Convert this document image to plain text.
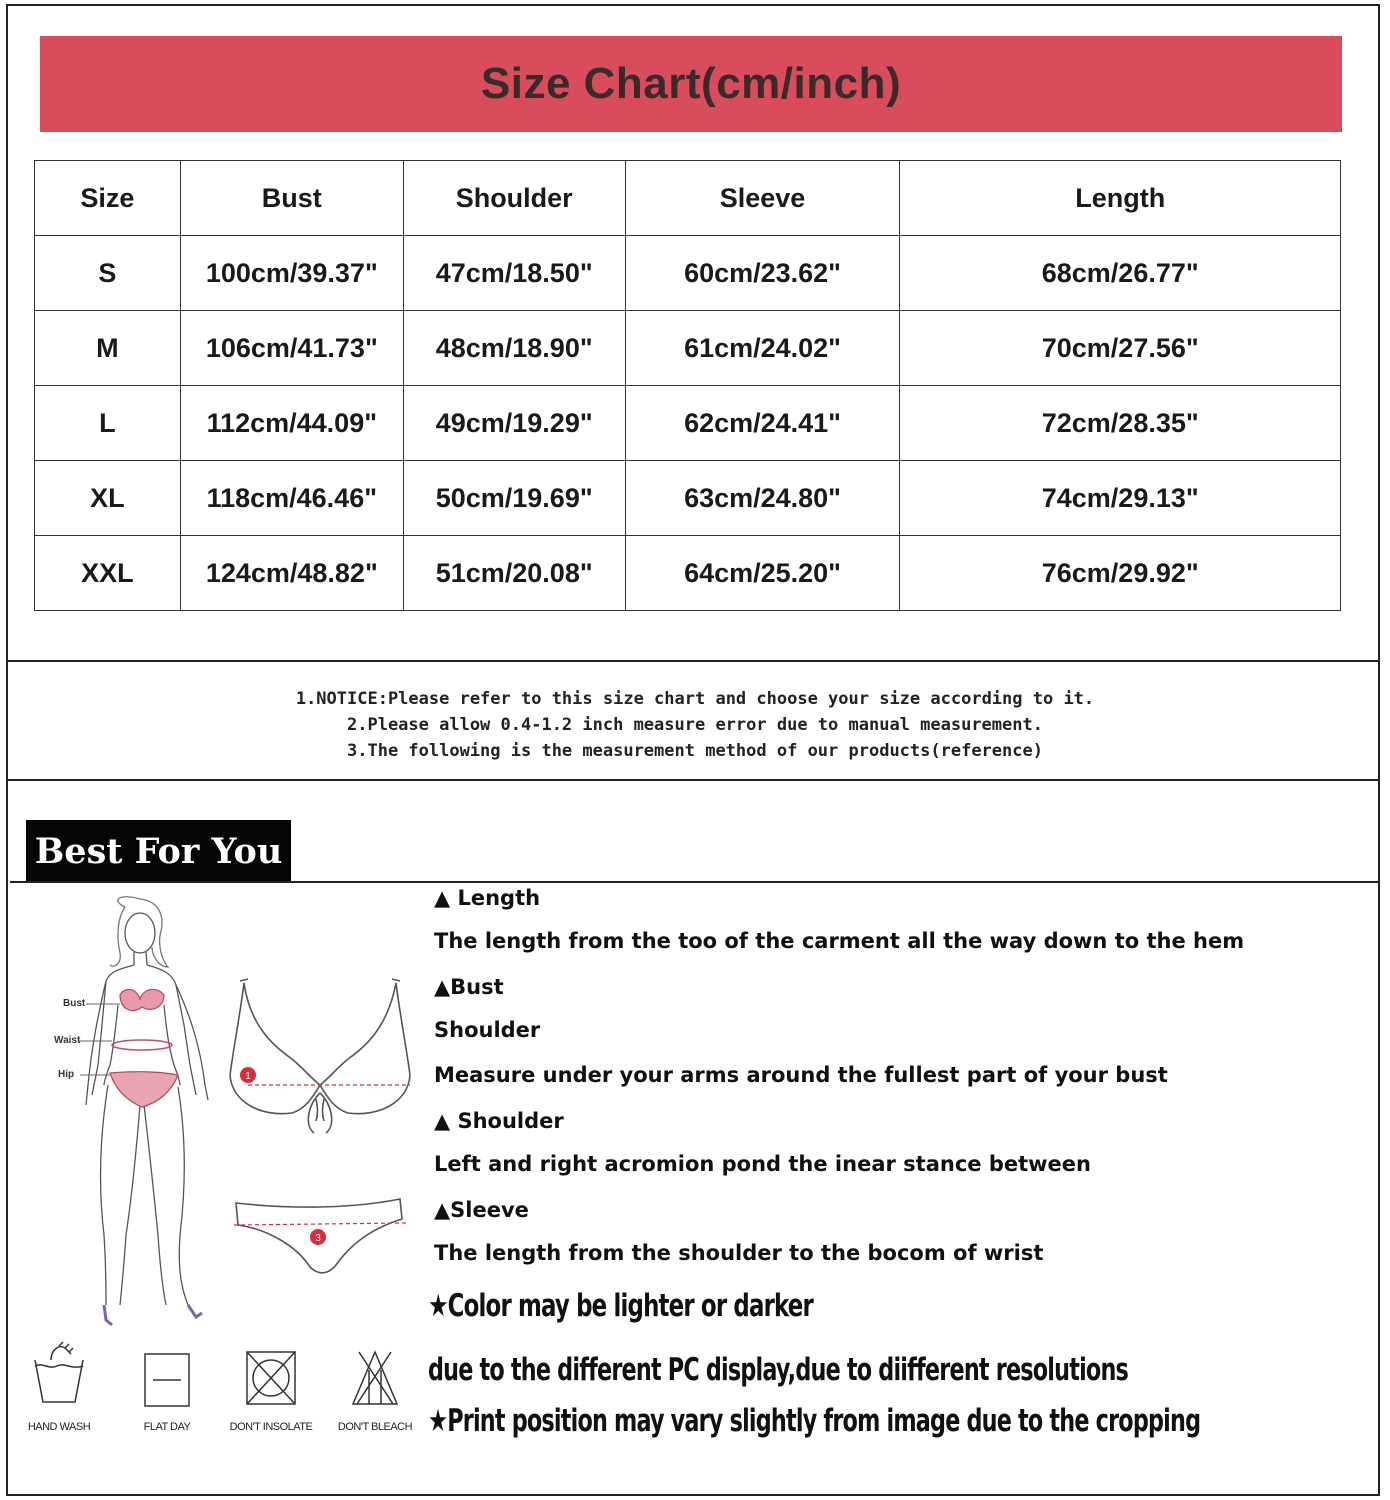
Size Chart(cm/inch)
Size	Bust	Shoulder	Sleeve	Length
S	100cm/39.37"	47cm/18.50"	60cm/23.62"	68cm/26.77"
M	106cm/41.73"	48cm/18.90"	61cm/24.02"	70cm/27.56"
L	112cm/44.09"	49cm/19.29"	62cm/24.41"	72cm/28.35"
XL	118cm/46.46"	50cm/19.69"	63cm/24.80"	74cm/29.13"
XXL	124cm/48.82"	51cm/20.08"	64cm/25.20"	76cm/29.92"
1.NOTICE:Please refer to this size chart and choose your size according to it.
2.Please allow 0.4-1.2 inch measure error due to manual measurement.
3.The following is the measurement method of our products(reference)
Best For You
Bust
Waist
Hip	1
3
▲ Length
The length from the too of the carment all the way down to the hem
▲Bust
Shoulder
Measure under your arms around the fullest part of your bust
▲ Shoulder
Left and right acromion pond the inear stance between
▲Sleeve
The length from the shoulder to the bocom of wrist
★Color may be lighter or darker
due to the different PC display,due to diifferent resolutions
★Print position may vary slightly from image due to the cropping
HAND WASH	FLAT DAY	DON'T INSOLATE	DON'T BLEACH
